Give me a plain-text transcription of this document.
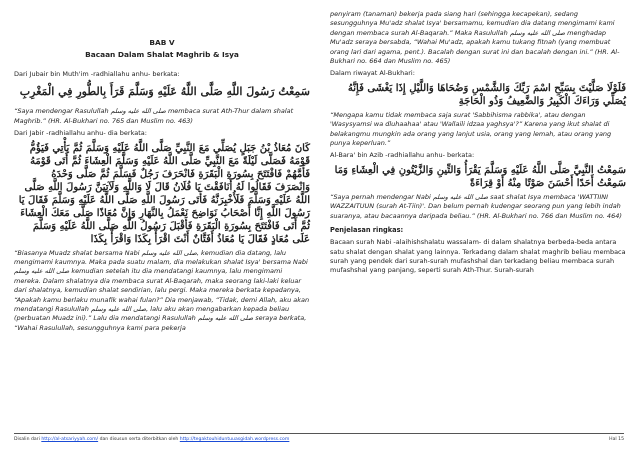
BAB V
Bacaan Dalam Shalat Maghrib & Isya

Dari Jubair bin Muth'im -radhiallahu anhu- berkata:

سَمِعْتُ رَسُولَ اللَّهِ صَلَّى اللَّهُ عَلَيْهِ وَسَلَّمَ قَرَأَ بِالطُّورِ فِي الْمَغْرِبِ

“Saya mendengar Rasulullah صلى الله عليه وسلم membaca surat Ath-Thur dalam shalat Maghrib.” (HR. Al-Bukhari no. 765 dan Muslim no. 463)

Dari Jabir -radhiallahu anhu- dia berkata:

كَانَ مُعَاذُ بْنُ جَبَلٍ يُصَلِّي مَعَ النَّبِيِّ صَلَّى اللَّهُ عَلَيْهِ وَسَلَّمَ ثُمَّ يَأْتِي فَيَؤُمُّ قَوْمَهُ فَصَلَّى لَيْلَةً مَعَ النَّبِيِّ صَلَّى اللَّهُ عَلَيْهِ وَسَلَّمَ الْعِشَاءَ ثُمَّ أَتَى قَوْمَهُ فَأَمَّهُمْ فَافْتَتَحَ بِسُورَةِ الْبَقَرَةِ فَانْحَرَفَ رَجُلٌ فَسَلَّمَ ثُمَّ صَلَّى وَحْدَهُ وَانْصَرَفَ فَقَالُوا لَهُ أَنَافَقْتَ يَا فُلَانُ قَالَ لَا وَاللَّهِ وَلَآتِيَنَّ رَسُولَ اللَّهِ صَلَّى اللَّهُ عَلَيْهِ وَسَلَّمَ فَلَأُخْبِرَنَّهُ فَأَتَى رَسُولَ اللَّهِ صَلَّى اللَّهُ عَلَيْهِ وَسَلَّمَ فَقَالَ يَا رَسُولَ اللَّهِ إِنَّا أَصْحَابُ نَوَاضِحَ نَعْمَلُ بِالنَّهَارِ وَإِنَّ مُعَاذًا صَلَّى مَعَكَ الْعِشَاءَ ثُمَّ أَتَى فَافْتَتَحَ بِسُورَةِ الْبَقَرَةِ فَأَقْبَلَ رَسُولُ اللَّهِ صَلَّى اللَّهُ عَلَيْهِ وَسَلَّمَ عَلَى مُعَاذٍ فَقَالَ يَا مُعَاذُ أَفَتَّانٌ أَنْتَ اقْرَأْ بِكَذَا وَاقْرَأْ بِكَذَا

“Biasanya Muadz shalat bersama Nabi صلى الله عليه وسلم, kemudian dia datang, lalu mengimami kaumnya. Maka pada suatu malam, dia melakukan shalat Isya' bersama Nabi صلى الله عليه وسلم kemudian setelah itu dia mendatangi kaumnya, lalu mengimami mereka. Dalam shalatnya dia membaca surat Al-Baqarah, maka seorang laki-laki keluar dari shalatnya, kemudian shalat sendirian, lalu pergi. Maka mereka berkata kepadanya, “Apakah kamu berlaku munafik wahai fulan?” Dia menjawab, “Tidak, demi Allah, aku akan mendatangi Rasulullah صلى الله عليه وسلم, lalu aku akan mengabarkan kepada beliau (perbuatan Muadz ini).” Lalu dia mendatangi Rasulullah صلى الله عليه وسلم seraya berkata, “Wahai Rasulullah, sesungguhnya kami para pekerja

penyiram (tanaman) bekerja pada siang hari (sehingga kecapekan), sedang sesungguhnya Mu'adz shalat Isya' bersamamu, kemudian dia datang mengimami kami dengan membaca surah Al-Baqarah.” Maka Rasulullah صلى الله عليه وسلم menghadap Mu'adz seraya bersabda, “Wahai Mu'adz, apakah kamu tukang fitnah (yang membuat orang lari dari agama, pent.). Bacalah dengan surat ini dan bacalah dengan ini.” (HR. Al-Bukhari no. 664 dan Muslim no. 465)

Dalam riwayat Al-Bukhari:

فَلَوْلَا صَلَّيْتَ بِسَبِّحِ اسْمَ رَبِّكَ وَالشَّمْسِ وَضُحَاهَا وَاللَّيْلِ إِذَا يَغْشَى فَإِنَّهُ يُصَلِّي وَرَاءَكَ الْكَبِيرُ وَالضَّعِيفُ وَذُو الْحَاجَةِ

“Mengapa kamu tidak membaca saja surat 'Sabbihisma rabbika', atau dengan 'Wasysyamsi wa dluhaahaa' atau 'Wallaili idzaa yaghsya'?” Karena yang ikut shalat di belakangmu mungkin ada orang yang lanjut usia, orang yang lemah, atau orang yang punya keperluan.”

Al-Bara' bin Azib -radhiallahu anhu- berkata:

سَمِعْتُ النَّبِيَّ صَلَّى اللَّهُ عَلَيْهِ وَسَلَّمَ يَقْرَأُ وَالتِّينِ وَالزَّيْتُونِ فِي الْعِشَاءِ وَمَا سَمِعْتُ أَحَدًا أَحْسَنَ صَوْتًا مِنْهُ أَوْ قِرَاءَةً

“Saya pernah mendengar Nabi صلى الله عليه وسلم saat shalat Isya membaca 'WATTIINI WAZZAITUUN (surah At-Tiin)'. Dan belum pernah kudengar seorang pun yang lebih indah suaranya, atau bacaannya daripada beliau.” (HR. Al-Bukhari no. 766 dan Muslim no. 464)

Penjelasan ringkas:

Bacaan surah Nabi -alaihishshalatu wassalam- di dalam shalatnya berbeda-beda antara satu shalat dengan shalat yang lainnya. Terkadang dalam shalat maghrib beliau membaca surah yang pendek dari surah-surah mufashshal dan terkadang beliau membaca surah mufashshal yang panjang, seperti surah Ath-Thur. Surah-surah

Disalin dari http://al-atsariyyah.com/ dan disusun serta diterbitkan oleh http://tegaktouhiduntuuasgidah.wordpress.com	Hal 15
